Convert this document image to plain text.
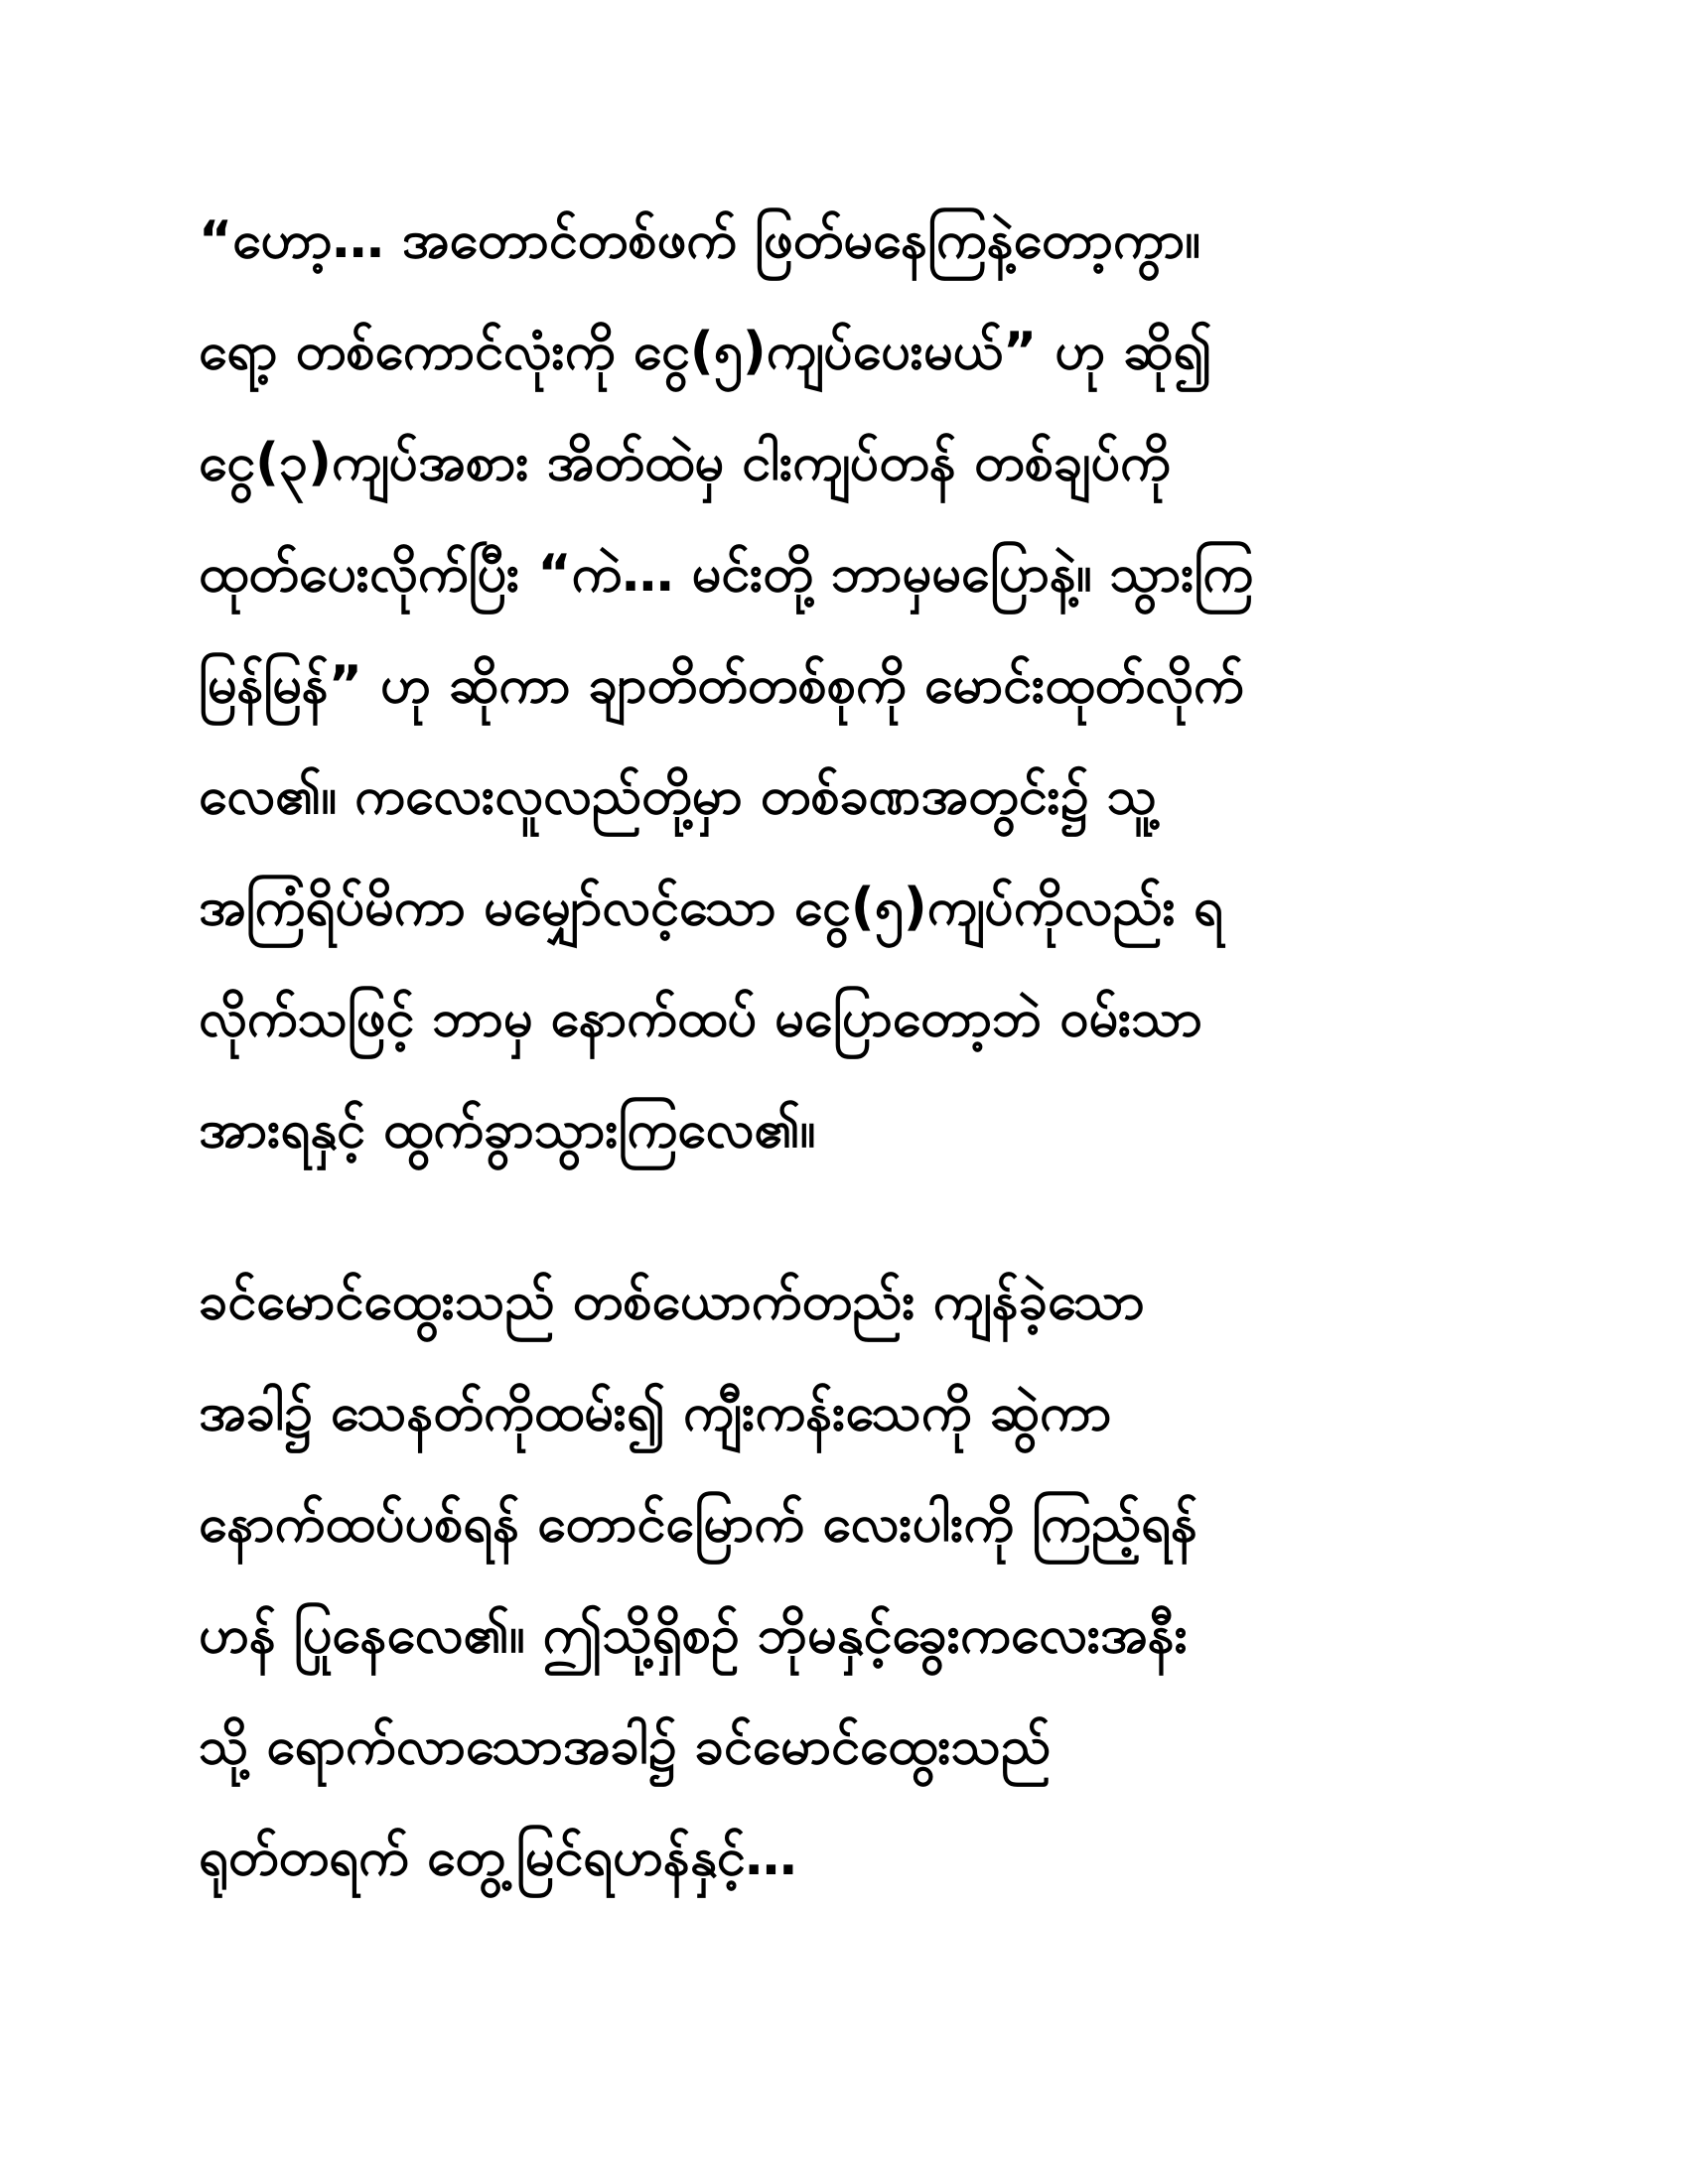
“ဟော့… အတောင်တစ်ဖက် ဖြတ်မနေကြနဲ့တော့ကွာ။
ရော့ တစ်ကောင်လုံးကို ငွေ(၅)ကျပ်ပေးမယ်” ဟု ဆို၍
ငွေ(၃)ကျပ်အစား အိတ်ထဲမှ ငါးကျပ်တန် တစ်ချပ်ကို
ထုတ်ပေးလိုက်ပြီး “ကဲ… မင်းတို့ ဘာမှမပြောနဲ့။ သွားကြ
မြန်မြန်” ဟု ဆိုကာ ချာတိတ်တစ်စုကို မောင်းထုတ်လိုက်
လေ၏။ ကလေးလူလည်တို့မှာ တစ်ခဏအတွင်း၌ သူ့
အကြံရိပ်မိကာ မမျှော်လင့်သော ငွေ(၅)ကျပ်ကိုလည်း ရ
လိုက်သဖြင့် ဘာမှ နောက်ထပ် မပြောတော့ဘဲ ဝမ်းသာ
အားရနှင့် ထွက်ခွာသွားကြလေ၏။
ခင်မောင်ထွေးသည် တစ်ယောက်တည်း ကျန်ခဲ့သော
အခါ၌ သေနတ်ကိုထမ်း၍ ကျီးကန်းသေကို ဆွဲကာ
နောက်ထပ်ပစ်ရန် တောင်မြောက် လေးပါးကို ကြည့်ရန်
ဟန် ပြုနေလေ၏။ ဤသို့ရှိစဉ် ဘိုမနှင့်ခွေးကလေးအနီး
သို့ ရောက်လာသောအခါ၌ ခင်မောင်ထွေးသည်
ရုတ်တရက် တွေ့မြင်ရဟန်နှင့်…
